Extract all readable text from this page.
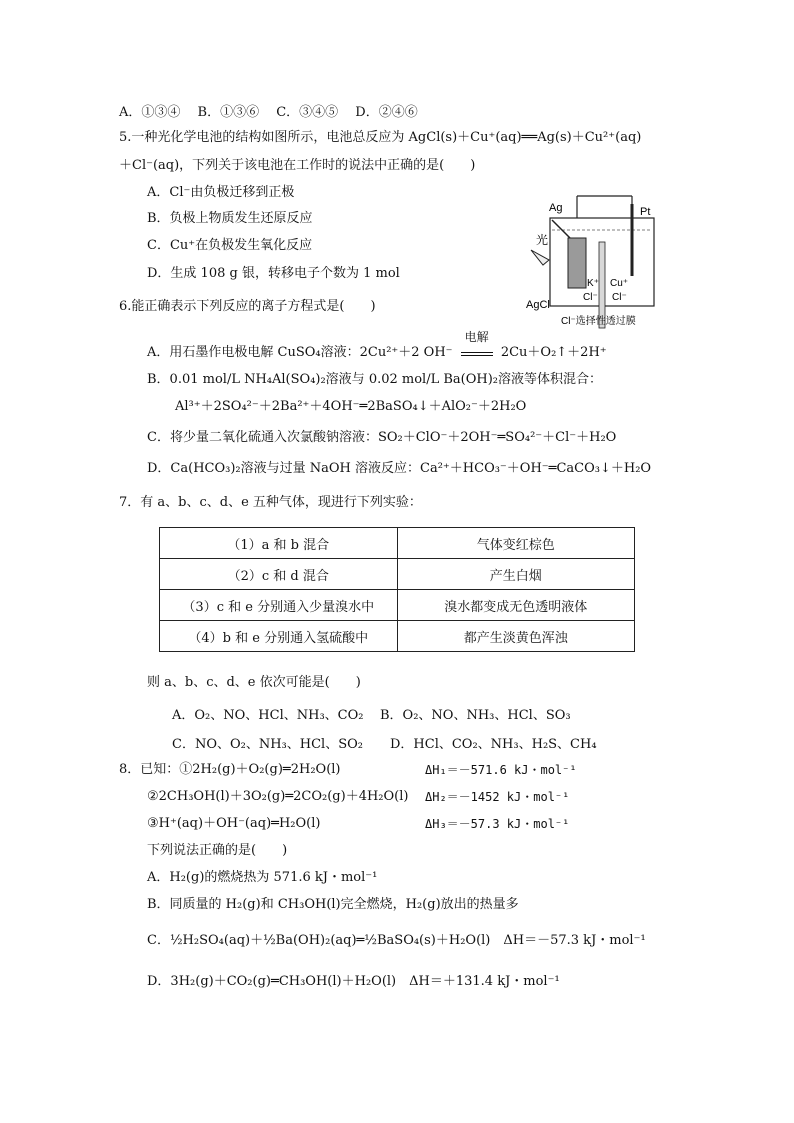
A．①③④　 B．①③⑥　 C．③④⑤　 D．②④⑥
5.一种光化学电池的结构如图所示，电池总反应为 AgCl(s)＋Cu⁺(aq)══Ag(s)＋Cu²⁺(aq)
＋Cl⁻(aq)，下列关于该电池在工作时的说法中正确的是(　　)
A．Cl⁻由负极迁移到正极
B．负极上物质发生还原反应
C．Cu⁺在负极发生氧化反应
D．生成 108 g 银，转移电子个数为 1 mol
Ag	Pt
光
AgCl
K⁺
Cl⁻
Cu⁺
Cl⁻
Cl⁻选择性透过膜
6.能正确表示下列反应的离子方程式是(　　)
A．用石墨作电极电解 CuSO₄溶液：2Cu²⁺＋2 OH⁻
电解
2Cu＋O₂↑＋2H⁺
B．0.01 mol/L NH₄Al(SO₄)₂溶液与 0.02 mol/L Ba(OH)₂溶液等体积混合：
Al³⁺＋2SO₄²⁻＋2Ba²⁺＋4OH⁻═2BaSO₄↓＋AlO₂⁻＋2H₂O
C．将少量二氧化硫通入次氯酸钠溶液：SO₂＋ClO⁻＋2OH⁻═SO₄²⁻＋Cl⁻＋H₂O
D．Ca(HCO₃)₂溶液与过量 NaOH 溶液反应：Ca²⁺＋HCO₃⁻＋OH⁻═CaCO₃↓＋H₂O
7．有 a、b、c、d、e 五种气体，现进行下列实验：
（1）a 和 b 混合	气体变红棕色
（2）c 和 d 混合	产生白烟
（3）c 和 e 分别通入少量溴水中	溴水都变成无色透明液体
（4）b 和 e 分别通入氢硫酸中	都产生淡黄色浑浊
则 a、b、c、d、e 依次可能是(　　)
A．O₂、NO、HCl、NH₃、CO₂ B．O₂、NO、NH₃、HCl、SO₃
C．NO、O₂、NH₃、HCl、SO₂ D．HCl、CO₂、NH₃、H₂S、CH₄
8．已知：①2H₂(g)＋O₂(g)═2H₂O(l)	ΔH₁＝－571.6 kJ・mol⁻¹
②2CH₃OH(l)＋3O₂(g)═2CO₂(g)＋4H₂O(l) ΔH₂＝－1452 kJ・mol⁻¹
③H⁺(aq)＋OH⁻(aq)═H₂O(l)	ΔH₃＝－57.3 kJ・mol⁻¹
下列说法正确的是(　　)
A．H₂(g)的燃烧热为 571.6 kJ・mol⁻¹
B．同质量的 H₂(g)和 CH₃OH(l)完全燃烧，H₂(g)放出的热量多
C．½H₂SO₄(aq)＋½Ba(OH)₂(aq)═½BaSO₄(s)＋H₂O(l)　ΔH＝－57.3 kJ・mol⁻¹
D．3H₂(g)＋CO₂(g)═CH₃OH(l)＋H₂O(l)　ΔH＝＋131.4 kJ・mol⁻¹
